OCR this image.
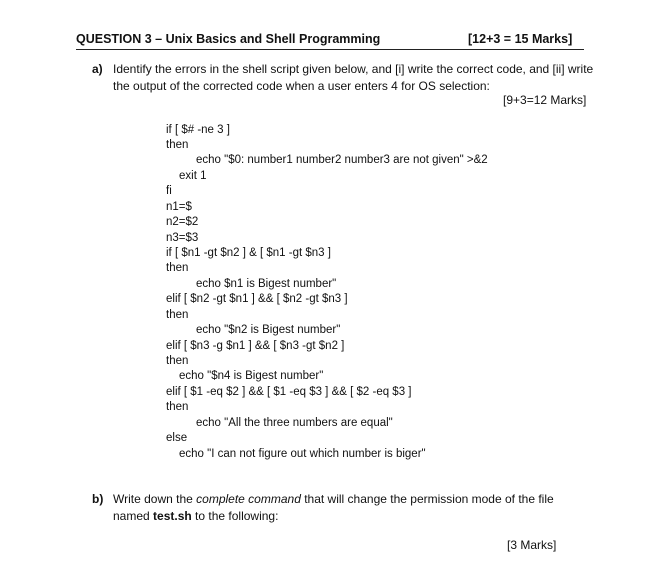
QUESTION 3 – Unix Basics and Shell Programming	[12+3 = 15 Marks]
a) Identify the errors in the shell script given below, and [i] write the correct code, and [ii] write
the output of the corrected code when a user enters 4 for OS selection:
[9+3=12 Marks]
if [ $# -ne 3 ]
then
echo "$0: number1 number2 number3 are not given" >&2
exit 1
fi
n1=$
n2=$2
n3=$3
if [ $n1 -gt $n2 ] & [ $n1 -gt $n3 ]
then
echo $n1 is Bigest number"
elif [ $n2 -gt $n1 ] && [ $n2 -gt $n3 ]
then
echo "$n2 is Bigest number"
elif [ $n3 -g $n1 ] && [ $n3 -gt $n2 ]
then
echo "$n4 is Bigest number"
elif [ $1 -eq $2 ] && [ $1 -eq $3 ] && [ $2 -eq $3 ]
then
echo "All the three numbers are equal"
else
echo "I can not figure out which number is biger"
b) Write down the complete command that will change the permission mode of the file
named test.sh to the following:
[3 Marks]
